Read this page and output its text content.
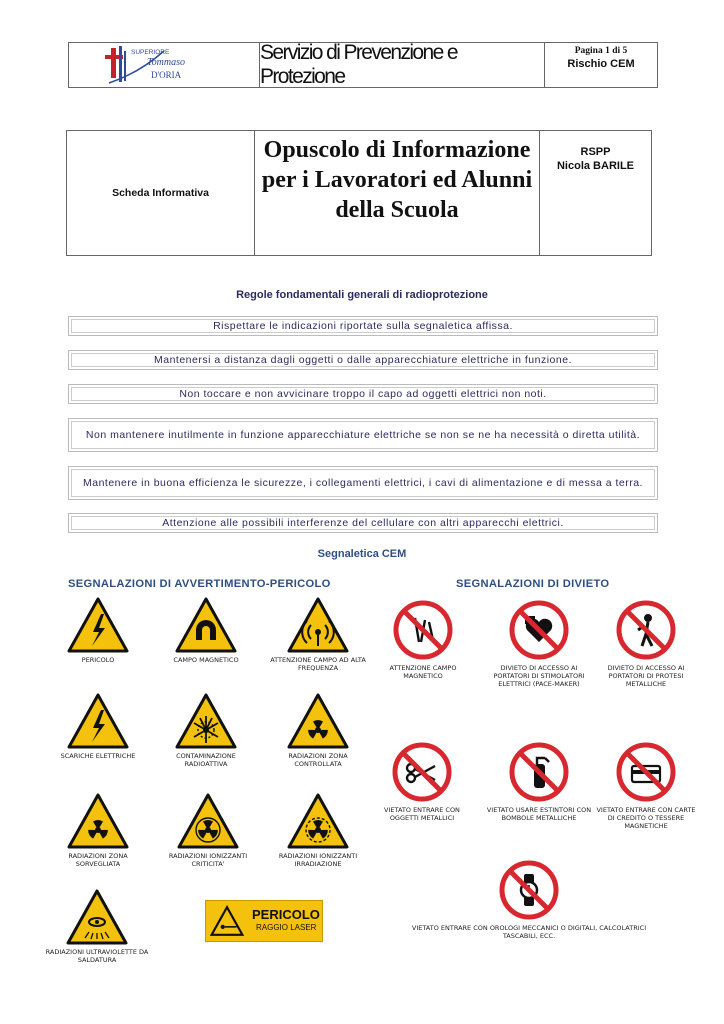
SUPERIORE
Tommaso
D'ORIA
Servizio di Prevenzione e Protezione
Pagina 1 di 5
Rischio CEM
Scheda Informativa
Opuscolo di Informazione per i Lavoratori ed Alunni della Scuola
RSPP
Nicola BARILE
Regole fondamentali generali di radioprotezione
Rispettare le indicazioni riportate sulla segnaletica affissa.
Mantenersi a distanza dagli oggetti o dalle apparecchiature elettriche in funzione.
Non toccare e non avvicinare troppo il capo ad oggetti elettrici non noti.
Non mantenere inutilmente in funzione apparecchiature elettriche se non se ne ha necessità o diretta utilità.
Mantenere in buona efficienza le sicurezze, i collegamenti elettrici, i cavi di alimentazione e di messa a terra.
Attenzione alle possibili interferenze del cellulare con altri apparecchi elettrici.
Segnaletica CEM
SEGNALAZIONI DI AVVERTIMENTO-PERICOLO	SEGNALAZIONI DI DIVIETO
PERICOLO	CAMPO MAGNETICO	ATTENZIONE CAMPO AD ALTA FREQUENZA
SCARICHE ELETTRICHE	CONTAMINAZIONE RADIOATTIVA
RADIAZIONI ZONA CONTROLLATA
RADIAZIONI ZONA SORVEGLIATA
RADIAZIONI IONIZZANTI CRITICITA'
RADIAZIONI IONIZZANTI IRRADIAZIONE
RADIAZIONI ULTRAVIOLETTE DA SALDATURA
PERICOLO
RAGGIO LASER
ATTENZIONE CAMPO MAGNETICO
DIVIETO DI ACCESSO AI PORTATORI DI STIMOLATORI ELETTRICI (PACE-MAKER)
DIVIETO DI ACCESSO AI PORTATORI DI PROTESI METALLICHE
VIETATO ENTRARE CON OGGETTI METALLICI
VIETATO USARE ESTINTORI CON BOMBOLE METALLICHE
VIETATO ENTRARE CON CARTE DI CREDITO O TESSERE MAGNETICHE
VIETATO ENTRARE CON OROLOGI MECCANICI O DIGITALI, CALCOLATRICI TASCABILI, ECC.
